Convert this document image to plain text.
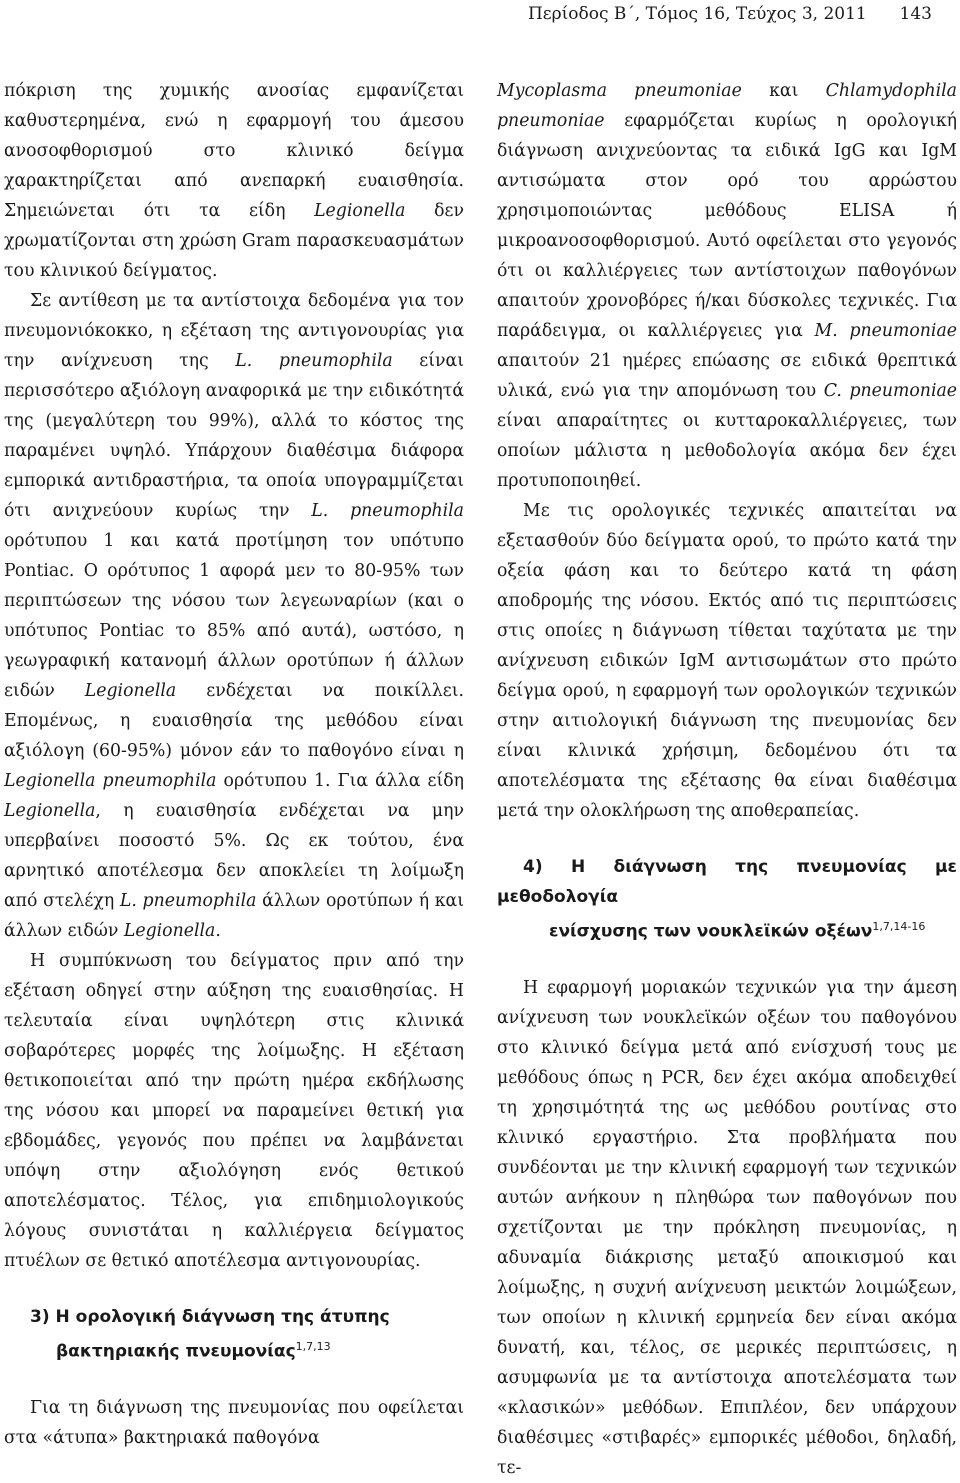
Περίοδος Β΄, Τόμος 16, Τεύχος 3, 2011 143

πόκριση της χυμικής ανοσίας εμφανίζεται καθυστερημένα, ενώ η εφαρμογή του άμεσου ανοσοφθορισμού στο κλινικό δείγμα χαρακτηρίζεται από ανεπαρκή ευαισθησία. Σημειώνεται ότι τα είδη Legionella δεν χρωματίζονται στη χρώση Gram παρασκευασμάτων του κλινικού δείγματος.

Σε αντίθεση με τα αντίστοιχα δεδομένα για τον πνευμονιόκοκκο, η εξέταση της αντιγονουρίας για την ανίχνευση της L. pneumophila είναι περισσότερο αξιόλογη αναφορικά με την ειδικότητά της (μεγαλύτερη του 99%), αλλά το κόστος της παραμένει υψηλό. Υπάρχουν διαθέσιμα διάφορα εμπορικά αντιδραστήρια, τα οποία υπογραμμίζεται ότι ανιχνεύουν κυρίως την L. pneumophila ορότυπου 1 και κατά προτίμηση τον υπότυπο Pontiac. Ο ορότυπος 1 αφορά μεν το 80-95% των περιπτώσεων της νόσου των λεγεωναρίων (και ο υπότυπος Pontiac το 85% από αυτά), ωστόσο, η γεωγραφική κατανομή άλλων οροτύπων ή άλλων ειδών Legionella ενδέχεται να ποικίλλει. Επομένως, η ευαισθησία της μεθόδου είναι αξιόλογη (60-95%) μόνον εάν το παθογόνο είναι η Legionella pneumophila ορότυπου 1. Για άλλα είδη Legionella, η ευαισθησία ενδέχεται να μην υπερβαίνει ποσοστό 5%. Ως εκ τούτου, ένα αρνητικό αποτέλεσμα δεν αποκλείει τη λοίμωξη από στελέχη L. pneumophila άλλων οροτύπων ή και άλλων ειδών Legionella.

Η συμπύκνωση του δείγματος πριν από την εξέταση οδηγεί στην αύξηση της ευαισθησίας. Η τελευταία είναι υψηλότερη στις κλινικά σοβαρότερες μορφές της λοίμωξης. Η εξέταση θετικοποιείται από την πρώτη ημέρα εκδήλωσης της νόσου και μπορεί να παραμείνει θετική για εβδομάδες, γεγονός που πρέπει να λαμβάνεται υπόψη στην αξιολόγηση ενός θετικού αποτελέσματος. Τέλος, για επιδημιολογικούς λόγους συνιστάται η καλλιέργεια δείγματος πτυέλων σε θετικό αποτέλεσμα αντιγονουρίας.

3) Η ορολογική διάγνωση της άτυπης
βακτηριακής πνευμονίας$^{1,7,13}$

Για τη διάγνωση της πνευμονίας που οφείλεται στα «άτυπα» βακτηριακά παθογόνα

Mycoplasma pneumoniae και Chlamydophila pneumoniae εφαρμόζεται κυρίως η ορολογική διάγνωση ανιχνεύοντας τα ειδικά IgG και IgM αντισώματα στον ορό του αρρώστου χρησιμοποιώντας μεθόδους ELISA ή μικροανοσοφθορισμού. Αυτό οφείλεται στο γεγονός ότι οι καλλιέργειες των αντίστοιχων παθογόνων απαιτούν χρονοβόρες ή/και δύσκολες τεχνικές. Για παράδειγμα, οι καλλιέργειες για M. pneumoniae απαιτούν 21 ημέρες επώασης σε ειδικά θρεπτικά υλικά, ενώ για την απομόνωση του C. pneumoniae είναι απαραίτητες οι κυτταροκαλλιέργειες, των οποίων μάλιστα η μεθοδολογία ακόμα δεν έχει προτυποποιηθεί.

Με τις ορολογικές τεχνικές απαιτείται να εξετασθούν δύο δείγματα ορού, το πρώτο κατά την οξεία φάση και το δεύτερο κατά τη φάση αποδρομής της νόσου. Εκτός από τις περιπτώσεις στις οποίες η διάγνωση τίθεται ταχύτατα με την ανίχνευση ειδικών IgM αντισωμάτων στο πρώτο δείγμα ορού, η εφαρμογή των ορολογικών τεχνικών στην αιτιολογική διάγνωση της πνευμονίας δεν είναι κλινικά χρήσιμη, δεδομένου ότι τα αποτελέσματα της εξέτασης θα είναι διαθέσιμα μετά την ολοκλήρωση της αποθεραπείας.

4) Η διάγνωση της πνευμονίας με μεθοδολογία
ενίσχυσης των νουκλεϊκών οξέων$^{1,7,14-16}$

Η εφαρμογή μοριακών τεχνικών για την άμεση ανίχνευση των νουκλεϊκών οξέων του παθογόνου στο κλινικό δείγμα μετά από ενίσχυσή τους με μεθόδους όπως η PCR, δεν έχει ακόμα αποδειχθεί τη χρησιμότητά της ως μεθόδου ρουτίνας στο κλινικό εργαστήριο. Στα προβλήματα που συνδέονται με την κλινική εφαρμογή των τεχνικών αυτών ανήκουν η πληθώρα των παθογόνων που σχετίζονται με την πρόκληση πνευμονίας, η αδυναμία διάκρισης μεταξύ αποικισμού και λοίμωξης, η συχνή ανίχνευση μεικτών λοιμώξεων, των οποίων η κλινική ερμηνεία δεν είναι ακόμα δυνατή, και, τέλος, σε μερικές περιπτώσεις, η ασυμφωνία με τα αντίστοιχα αποτελέσματα των «κλασικών» μεθόδων. Επιπλέον, δεν υπάρχουν διαθέσιμες «στιβαρές» εμπορικές μέθοδοι, δηλαδή, τε-
